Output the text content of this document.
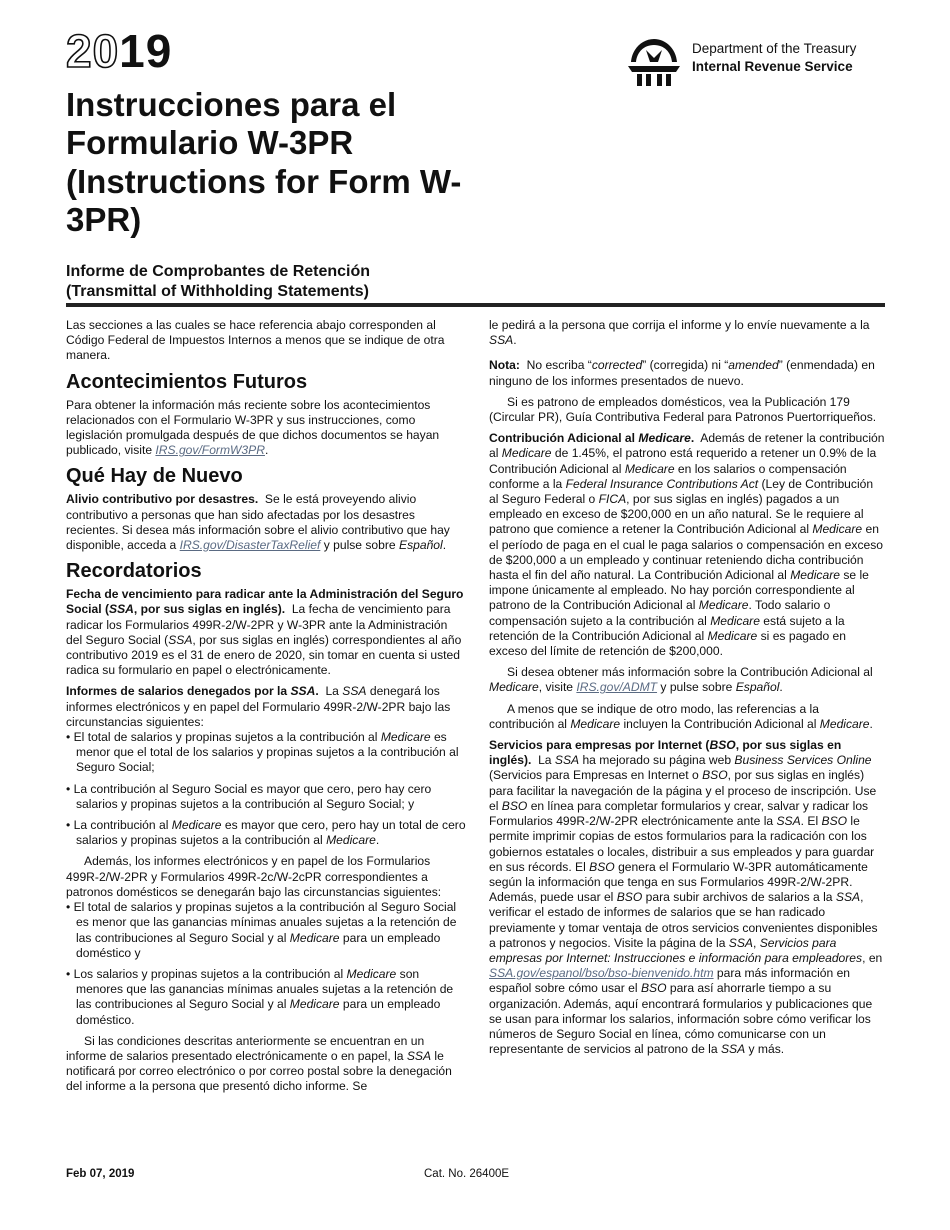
2019
Instrucciones para el Formulario W-3PR (Instructions for Form W-3PR)
Informe de Comprobantes de Retención
(Transmittal of Withholding Statements)
Department of the Treasury
Internal Revenue Service

Las secciones a las cuales se hace referencia abajo corresponden al Código Federal de Impuestos Internos a menos que se indique de otra manera.

Acontecimientos Futuros

Para obtener la información más reciente sobre los acontecimientos relacionados con el Formulario W-3PR y sus instrucciones, como legislación promulgada después de que dichos documentos se hayan publicado, visite IRS.gov/FormW3PR.

Qué Hay de Nuevo

Alivio contributivo por desastres.  Se le está proveyendo alivio contributivo a personas que han sido afectadas por los desastres recientes. Si desea más información sobre el alivio contributivo que hay disponible, acceda a IRS.gov/DisasterTaxRelief y pulse sobre Español.

Recordatorios

Fecha de vencimiento para radicar ante la Administración del Seguro Social (SSA, por sus siglas en inglés).  La fecha de vencimiento para radicar los Formularios 499R-2/W-2PR y W-3PR ante la Administración del Seguro Social (SSA, por sus siglas en inglés) correspondientes al año contributivo 2019 es el 31 de enero de 2020, sin tomar en cuenta si usted radica su formulario en papel o electrónicamente.

Informes de salarios denegados por la SSA.  La SSA denegará los informes electrónicos y en papel del Formulario 499R-2/W-2PR bajo las circunstancias siguientes:

• El total de salarios y propinas sujetos a la contribución al Medicare es menor que el total de los salarios y propinas sujetos a la contribución al Seguro Social;

• La contribución al Seguro Social es mayor que cero, pero hay cero salarios y propinas sujetos a la contribución al Seguro Social; y

• La contribución al Medicare es mayor que cero, pero hay un total de cero salarios y propinas sujetos a la contribución al Medicare.

Además, los informes electrónicos y en papel de los Formularios 499R-2/W-2PR y Formularios 499R-2c/W-2cPR correspondientes a patronos domésticos se denegarán bajo las circunstancias siguientes:

• El total de salarios y propinas sujetos a la contribución al Seguro Social es menor que las ganancias mínimas anuales sujetas a la retención de las contribuciones al Seguro Social y al Medicare para un empleado doméstico y

• Los salarios y propinas sujetos a la contribución al Medicare son menores que las ganancias mínimas anuales sujetas a la retención de las contribuciones al Seguro Social y al Medicare para un empleado doméstico.

Si las condiciones descritas anteriormente se encuentran en un informe de salarios presentado electrónicamente o en papel, la SSA le notificará por correo electrónico o por correo postal sobre la denegación del informe a la persona que presentó dicho informe. Se

le pedirá a la persona que corrija el informe y lo envíe nuevamente a la SSA.

Nota:  No escriba “corrected” (corregida) ni “amended” (enmendada) en ninguno de los informes presentados de nuevo.

Si es patrono de empleados domésticos, vea la Publicación 179 (Circular PR), Guía Contributiva Federal para Patronos Puertorriqueños.

Contribución Adicional al Medicare.  Además de retener la contribución al Medicare de 1.45%, el patrono está requerido a retener un 0.9% de la Contribución Adicional al Medicare en los salarios o compensación conforme a la Federal Insurance Contributions Act (Ley de Contribución al Seguro Federal o FICA, por sus siglas en inglés) pagados a un empleado en exceso de $200,000 en un año natural. Se le requiere al patrono que comience a retener la Contribución Adicional al Medicare en el período de paga en el cual le paga salarios o compensación en exceso de $200,000 a un empleado y continuar reteniendo dicha contribución hasta el fin del año natural. La Contribución Adicional al Medicare se le impone únicamente al empleado. No hay porción correspondiente al patrono de la Contribución Adicional al Medicare. Todo salario o compensación sujeto a la contribución al Medicare está sujeto a la retención de la Contribución Adicional al Medicare si es pagado en exceso del límite de retención de $200,000.

Si desea obtener más información sobre la Contribución Adicional al Medicare, visite IRS.gov/ADMT y pulse sobre Español.

A menos que se indique de otro modo, las referencias a la contribución al Medicare incluyen la Contribución Adicional al Medicare.

Servicios para empresas por Internet (BSO, por sus siglas en inglés).  La SSA ha mejorado su página web Business Services Online (Servicios para Empresas en Internet o BSO, por sus siglas en inglés) para facilitar la navegación de la página y el proceso de inscripción. Use el BSO en línea para completar formularios y crear, salvar y radicar los Formularios 499R-2/W-2PR electrónicamente ante la SSA. El BSO le permite imprimir copias de estos formularios para la radicación con los gobiernos estatales o locales, distribuir a sus empleados y para guardar en sus récords. El BSO genera el Formulario W-3PR automáticamente según la información que tenga en sus Formularios 499R-2/W-2PR. Además, puede usar el BSO para subir archivos de salarios a la SSA, verificar el estado de informes de salarios que se han radicado previamente y tomar ventaja de otros servicios convenientes disponibles a patronos y negocios. Visite la página de la SSA, Servicios para empresas por Internet: Instrucciones e información para empleadores, en SSA.gov/espanol/bso/bso-bienvenido.htm para más información en español sobre cómo usar el BSO para así ahorrarle tiempo a su organización. Además, aquí encontrará formularios y publicaciones que se usan para informar los salarios, información sobre cómo verificar los números de Seguro Social en línea, cómo comunicarse con un representante de servicios al patrono de la SSA y más.

Feb 07, 2019	Cat. No. 26400E
